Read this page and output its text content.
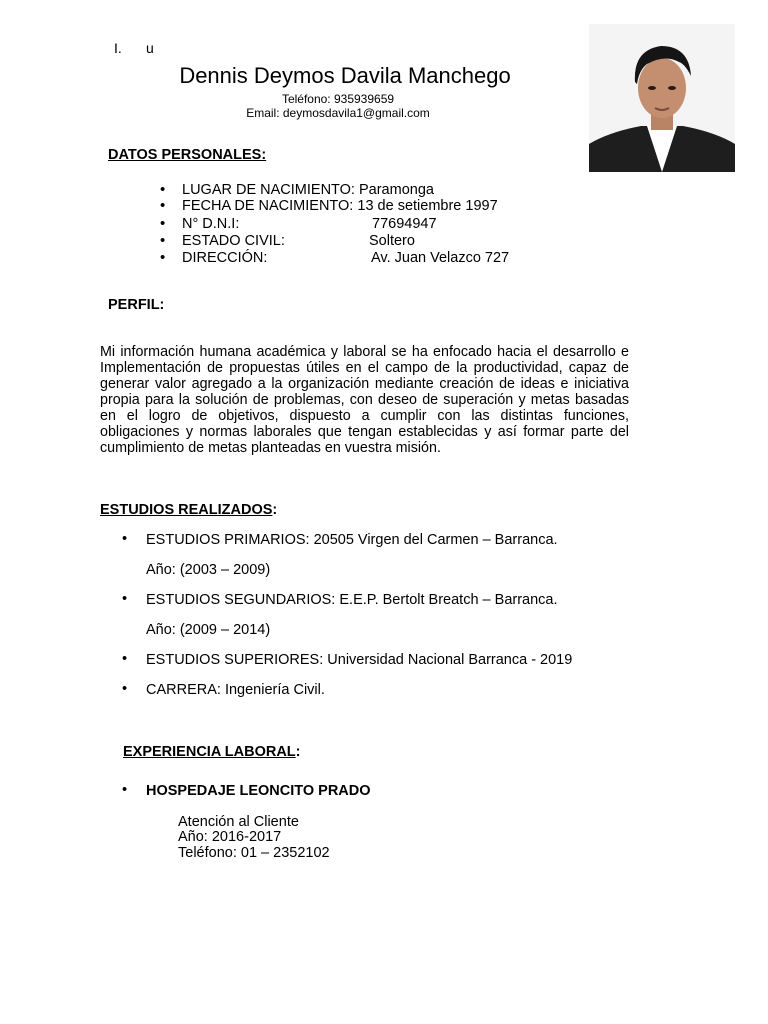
I. u
Dennis Deymos Davila Manchego
Teléfono: 935939659
Email: deymosdavila1@gmail.com
DATOS PERSONALES:
• LUGAR DE NACIMIENTO: Paramonga
• FECHA DE NACIMIENTO: 13 de setiembre 1997
• N° D.N.I:	77694947
• ESTADO CIVIL:	Soltero
• DIRECCIÓN:	Av. Juan Velazco 727
PERFIL:
Mi información humana académica y laboral se ha enfocado hacia el desarrollo e Implementación de propuestas útiles en el campo de la productividad, capaz de generar valor agregado a la organización mediante creación de ideas e iniciativa propia para la solución de problemas, con deseo de superación y metas basadas en el logro de objetivos, dispuesto a cumplir con las distintas funciones, obligaciones y normas laborales que tengan establecidas y así formar parte del cumplimiento de metas planteadas en vuestra misión.
ESTUDIOS REALIZADOS:
• ESTUDIOS PRIMARIOS: 20505 Virgen del Carmen – Barranca.
Año: (2003 – 2009)
• ESTUDIOS SEGUNDARIOS: E.E.P. Bertolt Breatch – Barranca.
Año: (2009 – 2014)
• ESTUDIOS SUPERIORES: Universidad Nacional Barranca - 2019
• CARRERA: Ingeniería Civil.
EXPERIENCIA LABORAL:
• HOSPEDAJE LEONCITO PRADO
Atención al Cliente
Año: 2016-2017
Teléfono: 01 – 2352102
